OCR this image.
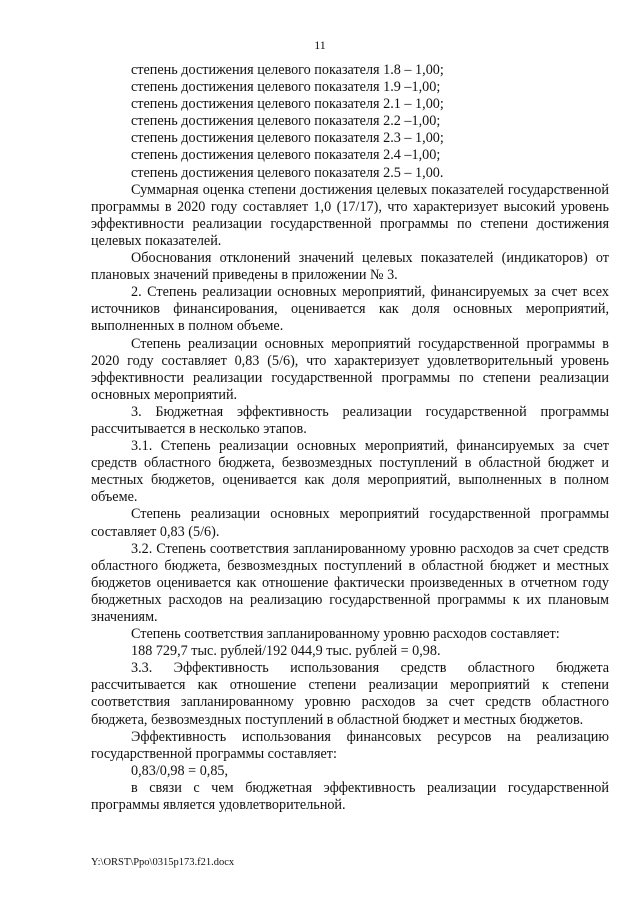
11
степень достижения целевого показателя 1.8 – 1,00;
степень достижения целевого показателя 1.9 –1,00;
степень достижения целевого показателя 2.1 – 1,00;
степень достижения целевого показателя 2.2 –1,00;
степень достижения целевого показателя 2.3 – 1,00;
степень достижения целевого показателя 2.4 –1,00;
степень достижения целевого показателя 2.5 – 1,00.
Суммарная оценка степени достижения целевых показателей государственной программы в 2020 году составляет 1,0 (17/17), что характеризует высокий уровень эффективности реализации государственной программы по степени достижения целевых показателей.
Обоснования отклонений значений целевых показателей (индикаторов) от плановых значений приведены в приложении № 3.
2. Степень реализации основных мероприятий, финансируемых за счет всех источников финансирования, оценивается как доля основных мероприятий, выполненных в полном объеме.
Степень реализации основных мероприятий государственной программы в 2020 году составляет 0,83 (5/6), что характеризует удовлетворительный уровень эффективности реализации государственной программы по степени реализации основных мероприятий.
3. Бюджетная эффективность реализации государственной программы рассчитывается в несколько этапов.
3.1. Степень реализации основных мероприятий, финансируемых за счет средств областного бюджета, безвозмездных поступлений в областной бюджет и местных бюджетов, оценивается как доля мероприятий, выполненных в полном объеме.
Степень реализации основных мероприятий государственной программы составляет 0,83 (5/6).
3.2. Степень соответствия запланированному уровню расходов за счет средств областного бюджета, безвозмездных поступлений в областной бюджет и местных бюджетов оценивается как отношение фактически произведенных в отчетном году бюджетных расходов на реализацию государственной программы к их плановым значениям.
Степень соответствия запланированному уровню расходов составляет:
188 729,7 тыс. рублей/192 044,9 тыс. рублей = 0,98.
3.3. Эффективность использования средств областного бюджета рассчитывается как отношение степени реализации мероприятий к степени соответствия запланированному уровню расходов за счет средств областного бюджета, безвозмездных поступлений в областной бюджет и местных бюджетов.
Эффективность использования финансовых ресурсов на реализацию государственной программы составляет:
0,83/0,98 = 0,85,
в связи с чем бюджетная эффективность реализации государственной программы является удовлетворительной.
Y:\ORST\Ppo\0315p173.f21.docx
